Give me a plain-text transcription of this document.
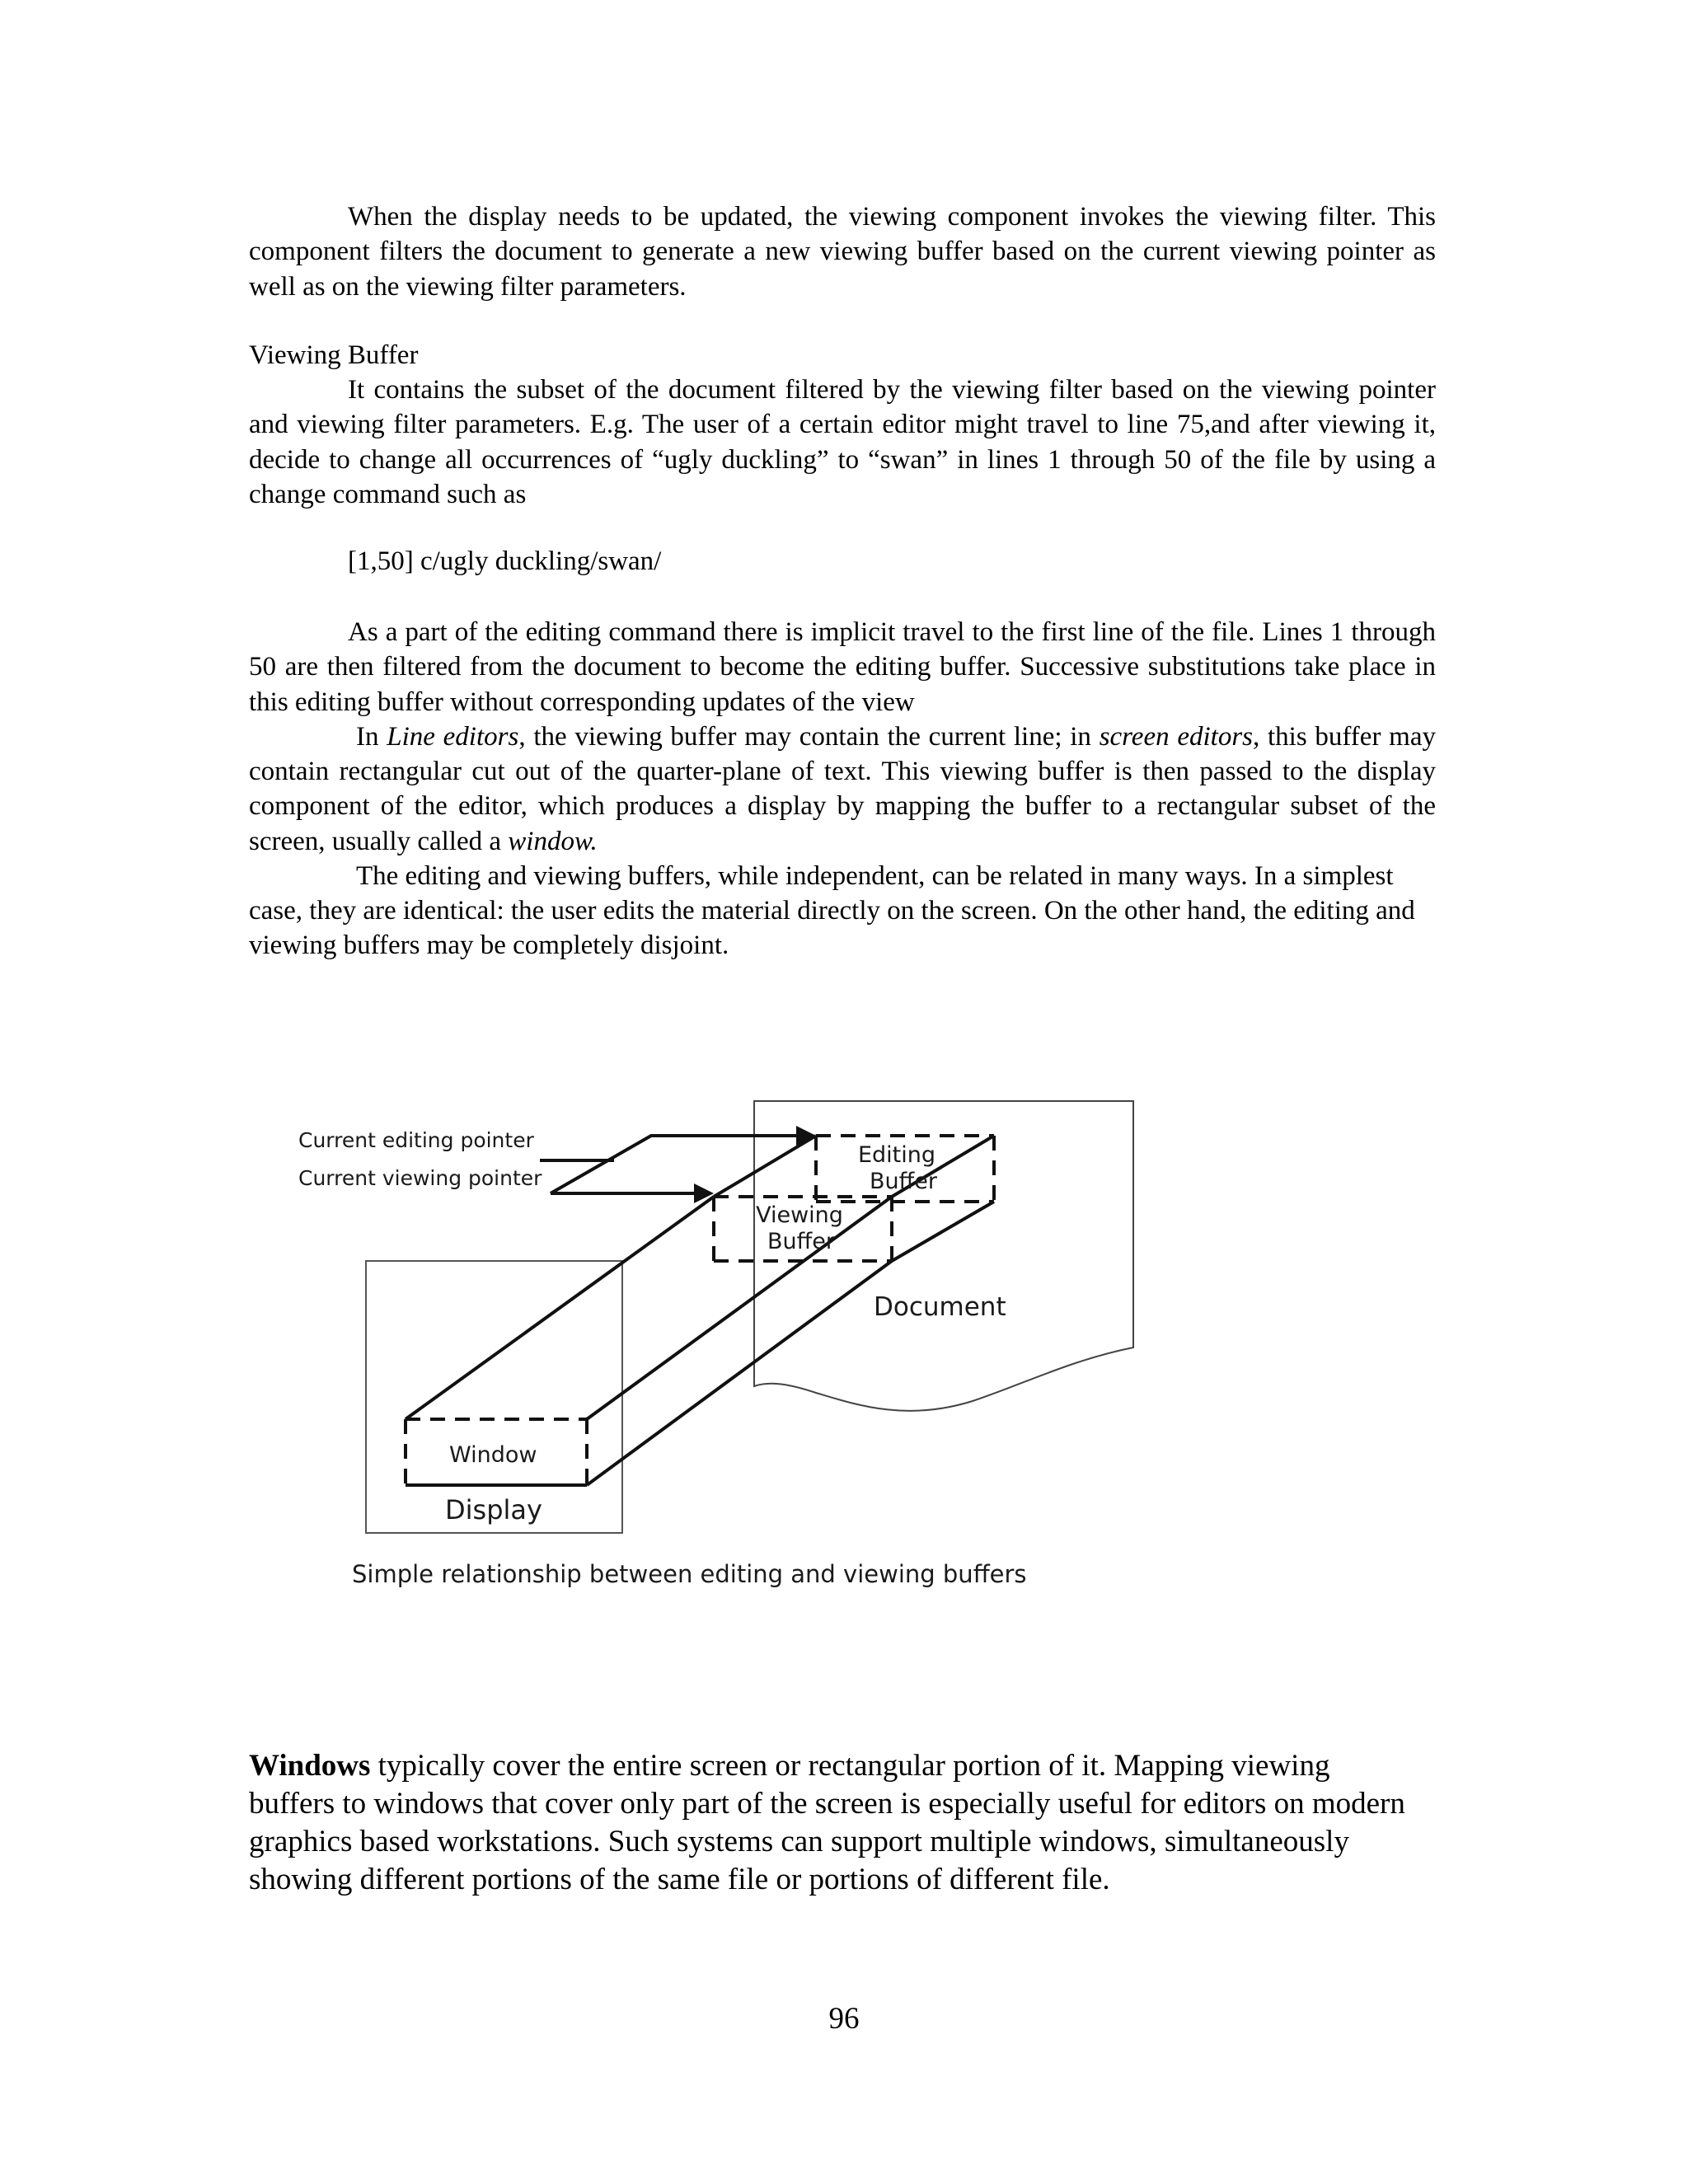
When the display needs to be updated, the viewing component invokes the viewing filter. This component filters the document to generate a new viewing buffer based on the current viewing pointer as well as on the viewing filter parameters.

Viewing Buffer

It contains the subset of the document filtered by the viewing filter based on the viewing pointer and viewing filter parameters. E.g. The user of a certain editor might travel to line 75,and after viewing it, decide to change all occurrences of “ugly duckling” to “swan” in lines 1 through 50 of the file by using a change command such as

[1,50] c/ugly duckling/swan/

As a part of the editing command there is implicit travel to the first line of the file. Lines 1 through 50 are then filtered from the document to become the editing buffer. Successive substitutions take place in this editing buffer without corresponding updates of the view

In Line editors, the viewing buffer may contain the current line; in screen editors, this buffer may contain rectangular cut out of the quarter-plane of text. This viewing buffer is then passed to the display component of the editor, which produces a display by mapping the buffer to a rectangular subset of the screen, usually called a window.

The editing and viewing buffers, while independent, can be related in many ways. In a simplest case, they are identical: the user edits the material directly on the screen. On the other hand, the editing and viewing buffers may be completely disjoint.

Current editing pointer
Current viewing pointer
Editing
Buffer
Viewing
Buffer
Document
Window
Display
Simple relationship between editing and viewing buffers

Windows typically cover the entire screen or rectangular portion of it. Mapping viewing buffers to windows that cover only part of the screen is especially useful for editors on modern graphics based workstations. Such systems can support multiple windows, simultaneously showing different portions of the same file or portions of different file.

96
